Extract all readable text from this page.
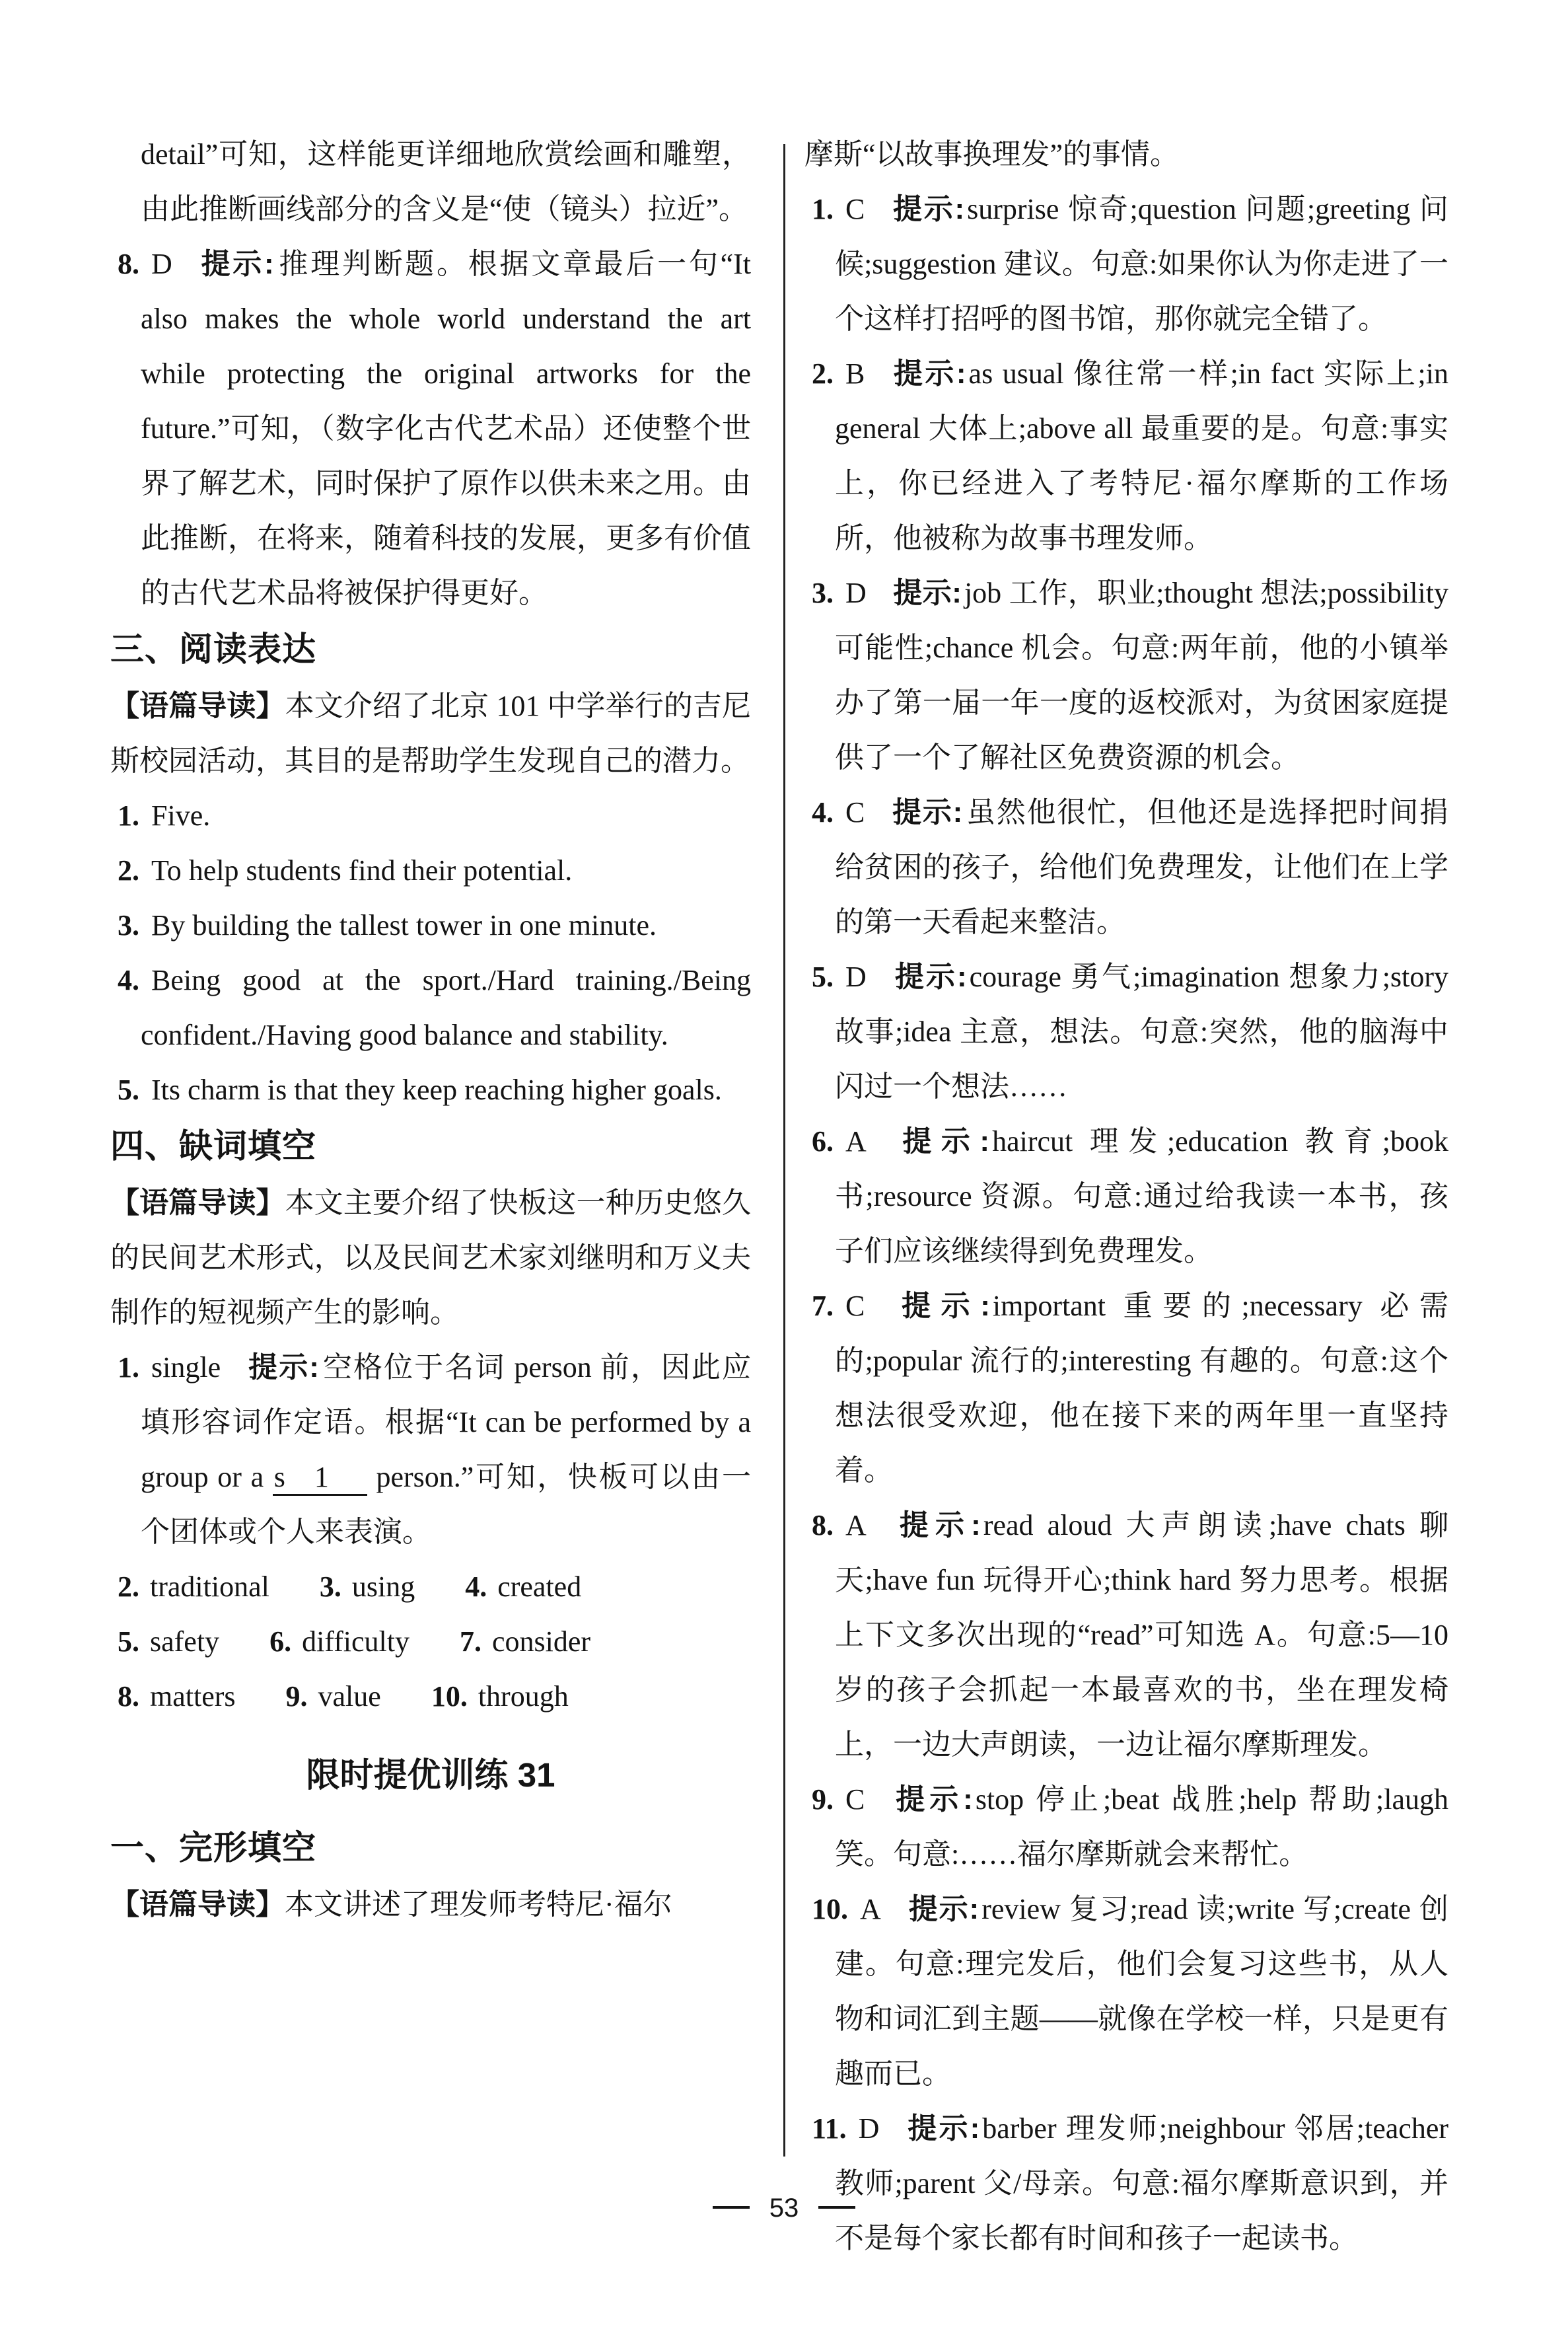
detail”可知，这样能更详细地欣赏绘画和雕塑，由此推断画线部分的含义是“使（镜头）拉近”。
8. D 提示:推理判断题。根据文章最后一句“It also makes the whole world understand the art while protecting the original artworks for the future.”可知，（数字化古代艺术品）还使整个世界了解艺术，同时保护了原作以供未来之用。由此推断，在将来，随着科技的发展，更多有价值的古代艺术品将被保护得更好。
三、阅读表达
【语篇导读】本文介绍了北京 101 中学举行的吉尼斯校园活动，其目的是帮助学生发现自己的潜力。
1. Five.
2. To help students find their potential.
3. By building the tallest tower in one minute.
4. Being good at the sport./Hard training./Being confident./Having good balance and stability.
5. Its charm is that they keep reaching higher goals.
四、缺词填空
【语篇导读】本文主要介绍了快板这一种历史悠久的民间艺术形式，以及民间艺术家刘继明和万义夫制作的短视频产生的影响。
1. single 提示:空格位于名词 person 前，因此应填形容词作定语。根据“It can be performed by a group or a s　1 person.”可知，快板可以由一个团体或个人来表演。
2. traditional 3. using 4. created
5. safety 6. difficulty 7. consider
8. matters 9. value 10. through
限时提优训练 31
一、完形填空
【语篇导读】本文讲述了理发师考特尼·福尔
摩斯“以故事换理发”的事情。
1. C 提示:surprise 惊奇;question 问题;greeting 问候;suggestion 建议。句意:如果你认为你走进了一个这样打招呼的图书馆，那你就完全错了。
2. B 提示:as usual 像往常一样;in fact 实际上;in general 大体上;above all 最重要的是。句意:事实上，你已经进入了考特尼·福尔摩斯的工作场所，他被称为故事书理发师。
3. D 提示:job 工作，职业;thought 想法;possibility 可能性;chance 机会。句意:两年前，他的小镇举办了第一届一年一度的返校派对，为贫困家庭提供了一个了解社区免费资源的机会。
4. C 提示:虽然他很忙，但他还是选择把时间捐给贫困的孩子，给他们免费理发，让他们在上学的第一天看起来整洁。
5. D 提示:courage 勇气;imagination 想象力;story 故事;idea 主意，想法。句意:突然，他的脑海中闪过一个想法……
6. A 提示:haircut 理发;education 教育;book 书;resource 资源。句意:通过给我读一本书，孩子们应该继续得到免费理发。
7. C 提示:important 重要的;necessary 必需的;popular 流行的;interesting 有趣的。句意:这个想法很受欢迎，他在接下来的两年里一直坚持着。
8. A 提示:read aloud 大声朗读;have chats 聊天;have fun 玩得开心;think hard 努力思考。根据上下文多次出现的“read”可知选 A。句意:5—10 岁的孩子会抓起一本最喜欢的书，坐在理发椅上，一边大声朗读，一边让福尔摩斯理发。
9. C 提示:stop 停止;beat 战胜;help 帮助;laugh 笑。句意:……福尔摩斯就会来帮忙。
10. A 提示:review 复习;read 读;write 写;create 创建。句意:理完发后，他们会复习这些书，从人物和词汇到主题——就像在学校一样，只是更有趣而已。
11. D 提示:barber 理发师;neighbour 邻居;teacher 教师;parent 父/母亲。句意:福尔摩斯意识到，并不是每个家长都有时间和孩子一起读书。
53
